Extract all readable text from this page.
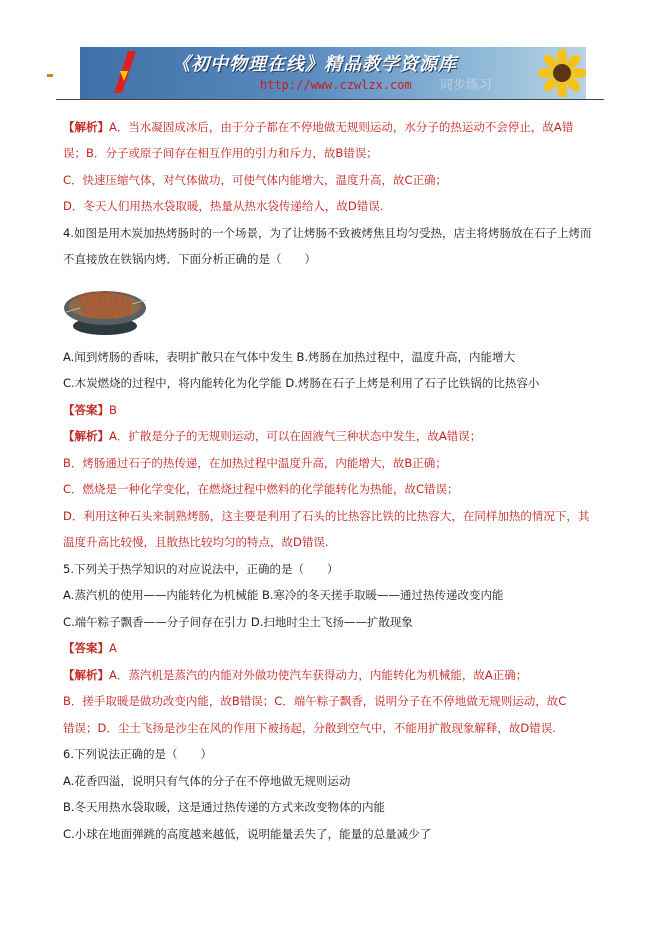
《初中物理在线》精品教学资源库
http://www.czwlzx.com 同步练习
【解析】A．当水凝固成冰后，由于分子都在不停地做无规则运动，水分子的热运动不会停止，故A错
误；B．分子或原子间存在相互作用的引力和斥力，故B错误；
C．快速压缩气体，对气体做功，可使气体内能增大，温度升高，故C正确；
D．冬天人们用热水袋取暖，热量从热水袋传递给人，故D错误.
4.如图是用木炭加热烤肠时的一个场景，为了让烤肠不致被烤焦且均匀受热，店主将烤肠放在石子上烤而
不直接放在铁锅内烤．下面分析正确的是（　　）
A.闻到烤肠的香味，表明扩散只在气体中发生 B.烤肠在加热过程中，温度升高，内能增大
C.木炭燃烧的过程中，将内能转化为化学能 D.烤肠在石子上烤是利用了石子比铁锅的比热容小
【答案】B
【解析】A．扩散是分子的无规则运动，可以在固液气三种状态中发生，故A错误；
B．烤肠通过石子的热传递，在加热过程中温度升高，内能增大，故B正确；
C．燃烧是一种化学变化，在燃烧过程中燃料的化学能转化为热能，故C错误；
D．利用这种石头来制熟烤肠，这主要是利用了石头的比热容比铁的比热容大，在同样加热的情况下，其
温度升高比较慢，且散热比较均匀的特点，故D错误.
5.下列关于热学知识的对应说法中，正确的是（　　）
A.蒸汽机的使用——内能转化为机械能 B.寒冷的冬天搓手取暖——通过热传递改变内能
C.端午粽子飘香——分子间存在引力 D.扫地时尘土飞扬——扩散现象
【答案】A
【解析】A．蒸汽机是蒸汽的内能对外做功使汽车获得动力，内能转化为机械能，故A正确；
B．搓手取暖是做功改变内能，故B错误；C．端午粽子飘香，说明分子在不停地做无规则运动，故C
错误；D．尘土飞扬是沙尘在风的作用下被扬起，分散到空气中，不能用扩散现象解释，故D错误.
6.下列说法正确的是（　　）
A.花香四溢，说明只有气体的分子在不停地做无规则运动
B.冬天用热水袋取暖，这是通过热传递的方式来改变物体的内能
C.小球在地面弹跳的高度越来越低，说明能量丢失了，能量的总量减少了
